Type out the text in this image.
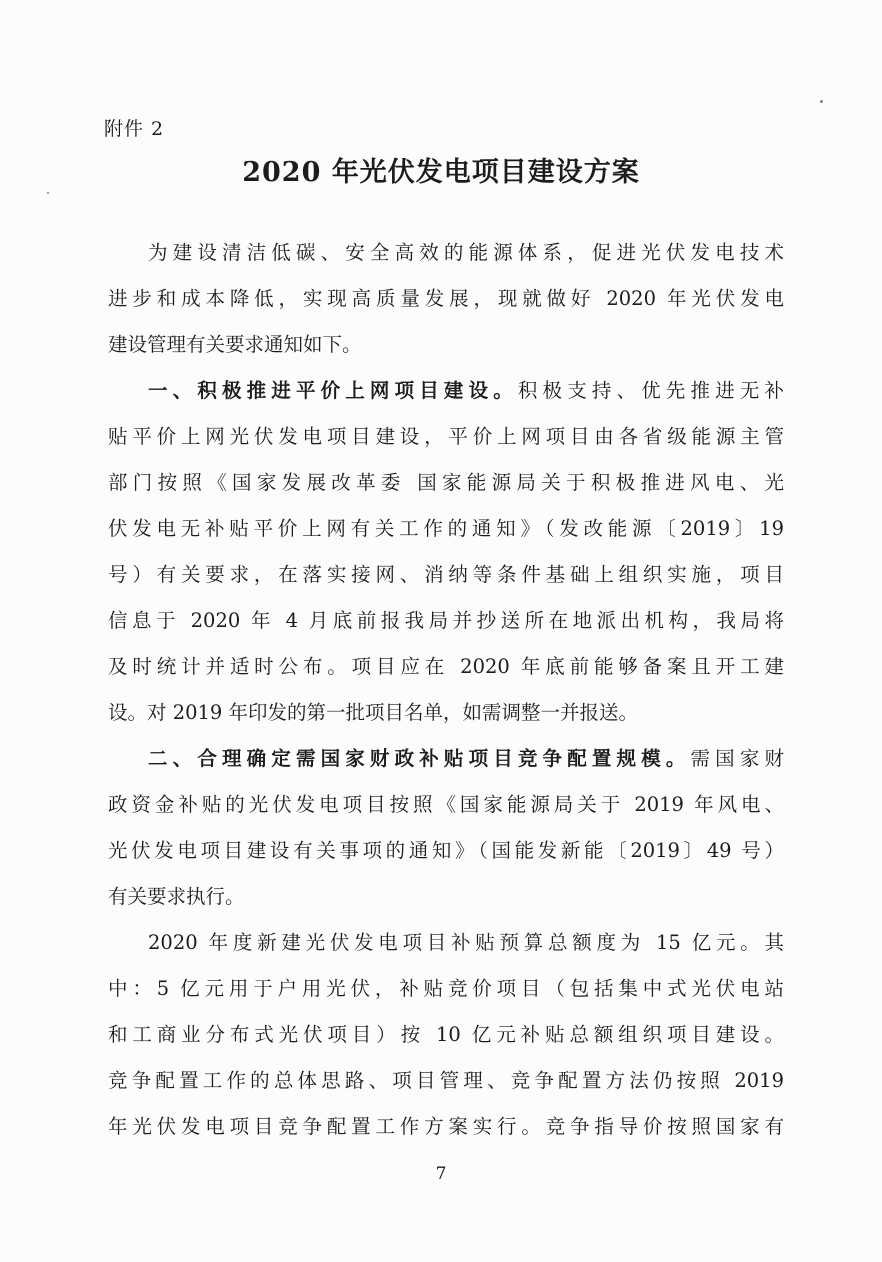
附件 2
2020 年光伏发电项目建设方案
为建设清洁低碳、安全高效的能源体系，促进光伏发电技术
进步和成本降低，实现高质量发展，现就做好 2020 年光伏发电
建设管理有关要求通知如下。
一、积极推进平价上网项目建设。积极支持、优先推进无补
贴平价上网光伏发电项目建设，平价上网项目由各省级能源主管
部门按照《国家发展改革委 国家能源局关于积极推进风电、光
伏发电无补贴平价上网有关工作的通知》（发改能源〔2019〕19
号）有关要求，在落实接网、消纳等条件基础上组织实施，项目
信息于 2020 年 4 月底前报我局并抄送所在地派出机构，我局将
及时统计并适时公布。项目应在 2020 年底前能够备案且开工建
设。对 2019 年印发的第一批项目名单，如需调整一并报送。
二、合理确定需国家财政补贴项目竞争配置规模。需国家财
政资金补贴的光伏发电项目按照《国家能源局关于 2019 年风电、
光伏发电项目建设有关事项的通知》（国能发新能〔2019〕49 号）
有关要求执行。
2020 年度新建光伏发电项目补贴预算总额度为 15 亿元。其
中：5 亿元用于户用光伏，补贴竞价项目（包括集中式光伏电站
和工商业分布式光伏项目）按 10 亿元补贴总额组织项目建设。
竞争配置工作的总体思路、项目管理、竞争配置方法仍按照 2019
年光伏发电项目竞争配置工作方案实行。竞争指导价按照国家有
7
